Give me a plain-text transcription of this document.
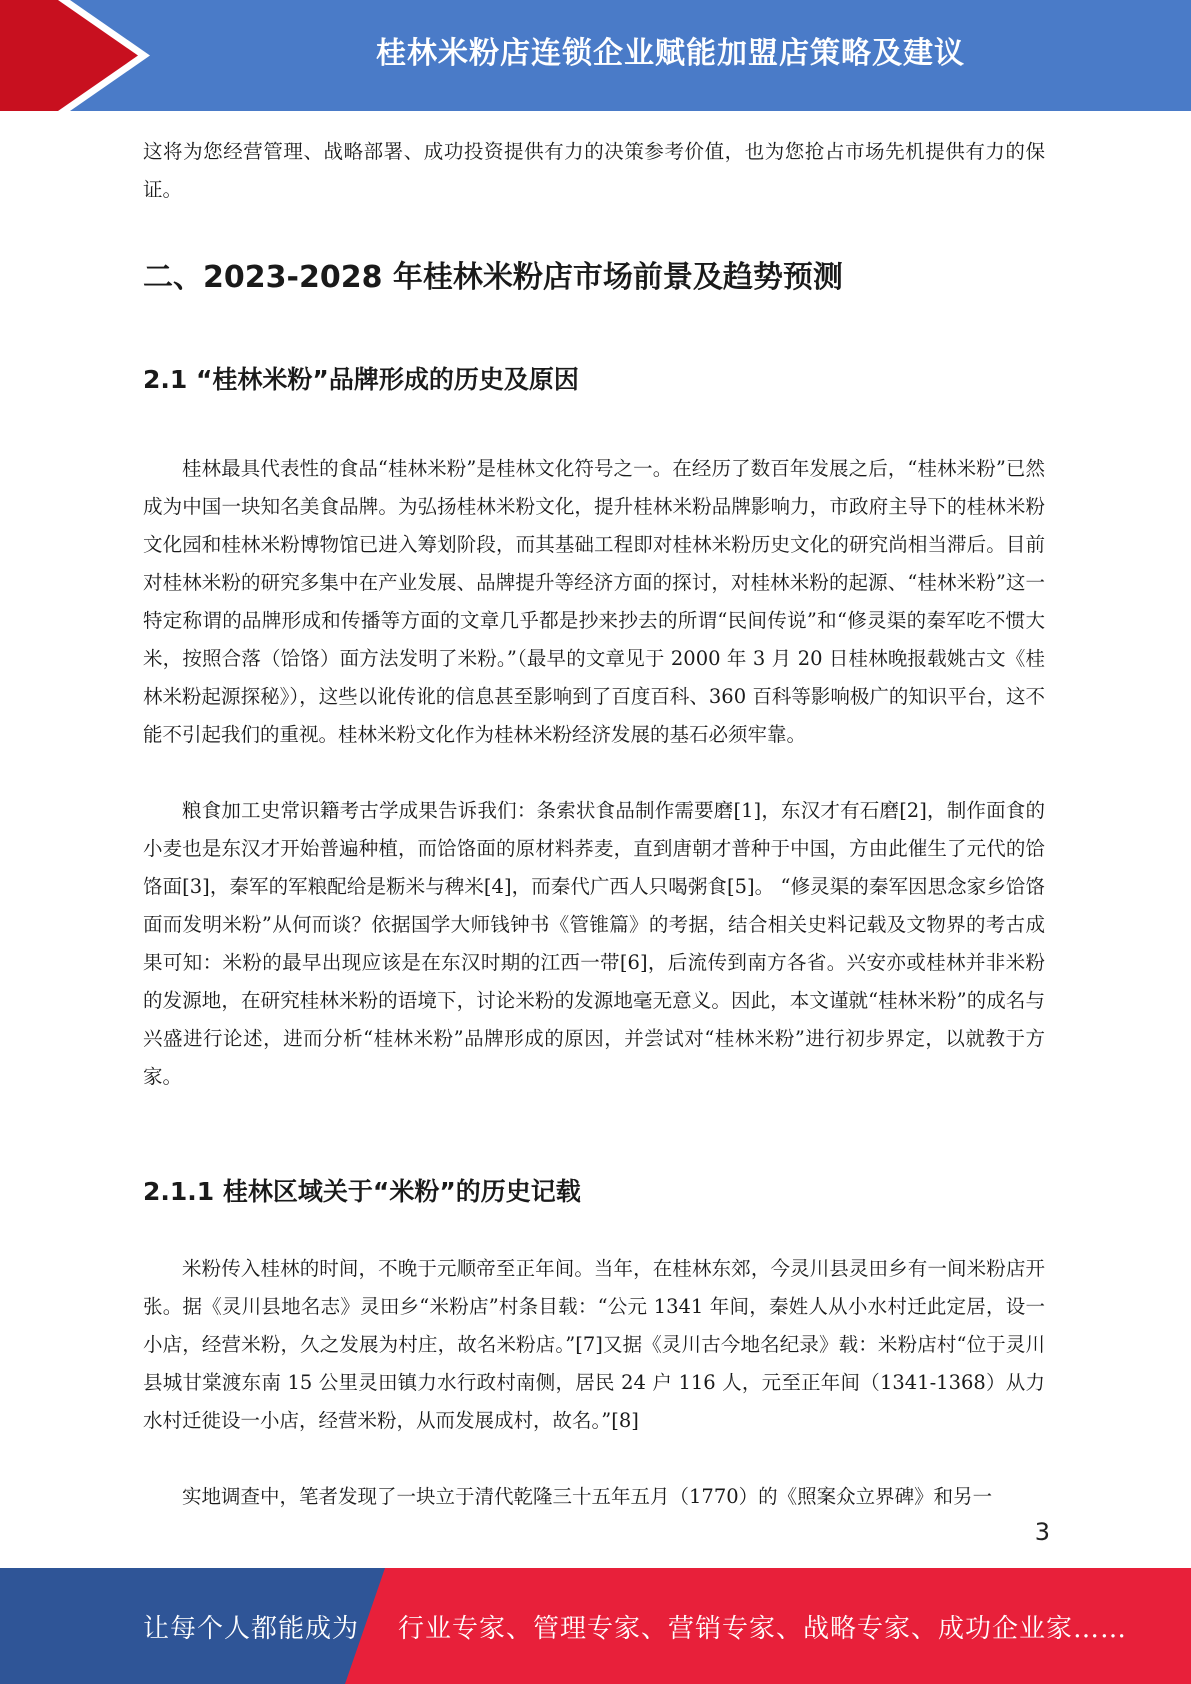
桂林米粉店连锁企业赋能加盟店策略及建议

这将为您经营管理、战略部署、成功投资提供有力的决策参考价值，也为您抢占市场先机提供有力的保证。

二、2023-2028 年桂林米粉店市场前景及趋势预测
2.1 “桂林米粉”品牌形成的历史及原因

桂林最具代表性的食品“桂林米粉”是桂林文化符号之一。在经历了数百年发展之后，“桂林米粉”已然成为中国一块知名美食品牌。为弘扬桂林米粉文化，提升桂林米粉品牌影响力，市政府主导下的桂林米粉文化园和桂林米粉博物馆已进入筹划阶段，而其基础工程即对桂林米粉历史文化的研究尚相当滞后。目前对桂林米粉的研究多集中在产业发展、品牌提升等经济方面的探讨，对桂林米粉的起源、“桂林米粉”这一特定称谓的品牌形成和传播等方面的文章几乎都是抄来抄去的所谓“民间传说”和“修灵渠的秦军吃不惯大米，按照合落（饸饹）面方法发明了米粉。”（最早的文章见于 2000 年 3 月 20 日桂林晚报载姚古文《桂林米粉起源探秘》），这些以讹传讹的信息甚至影响到了百度百科、360 百科等影响极广的知识平台，这不能不引起我们的重视。桂林米粉文化作为桂林米粉经济发展的基石必须牢靠。

粮食加工史常识籍考古学成果告诉我们：条索状食品制作需要磨[1]，东汉才有石磨[2]，制作面食的小麦也是东汉才开始普遍种植，而饸饹面的原材料荞麦，直到唐朝才普种于中国，方由此催生了元代的饸饹面[3]，秦军的军粮配给是粝米与稗米[4]，而秦代广西人只喝粥食[5]。 “修灵渠的秦军因思念家乡饸饹面而发明米粉”从何而谈？依据国学大师钱钟书《管锥篇》的考据，结合相关史料记载及文物界的考古成果可知：米粉的最早出现应该是在东汉时期的江西一带[6]，后流传到南方各省。兴安亦或桂林并非米粉的发源地，在研究桂林米粉的语境下，讨论米粉的发源地毫无意义。因此，本文谨就“桂林米粉”的成名与兴盛进行论述，进而分析“桂林米粉”品牌形成的原因，并尝试对“桂林米粉”进行初步界定，以就教于方家。

2.1.1 桂林区域关于“米粉”的历史记载

米粉传入桂林的时间，不晚于元顺帝至正年间。当年，在桂林东郊，今灵川县灵田乡有一间米粉店开张。据《灵川县地名志》灵田乡“米粉店”村条目载：“公元 1341 年间，秦姓人从小水村迁此定居，设一小店，经营米粉，久之发展为村庄，故名米粉店。”[7]又据《灵川古今地名纪录》载：米粉店村“位于灵川县城甘棠渡东南 15 公里灵田镇力水行政村南侧，居民 24 户 116 人，元至正年间（1341-1368）从力水村迁徙设一小店，经营米粉，从而发展成村，故名。”[8]

实地调查中，笔者发现了一块立于清代乾隆三十五年五月（1770）的《照案众立界碑》和另一

3
让每个人都能成为 行业专家、管理专家、营销专家、战略专家、成功企业家……
